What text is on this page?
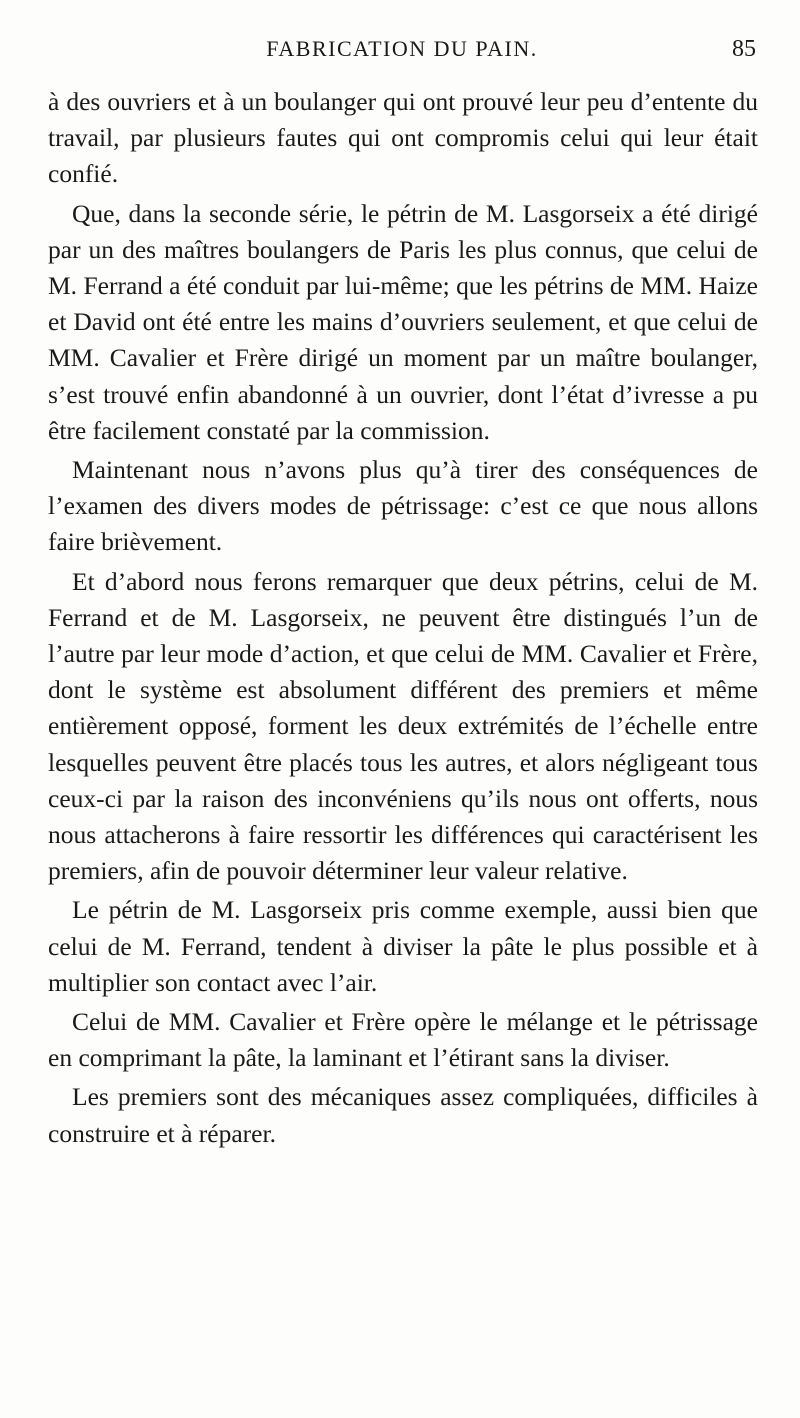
FABRICATION DU PAIN.	85

à des ouvriers et à un boulanger qui ont prouvé leur peu d’entente du travail, par plusieurs fautes qui ont compromis celui qui leur était confié.

Que, dans la seconde série, le pétrin de M. Lasgorseix a été dirigé par un des maîtres boulangers de Paris les plus connus, que celui de M. Ferrand a été conduit par lui-même; que les pétrins de MM. Haize et David ont été entre les mains d’ouvriers seulement, et que celui de MM. Cavalier et Frère dirigé un moment par un maître boulanger, s’est trouvé enfin abandonné à un ouvrier, dont l’état d’ivresse a pu être facilement constaté par la commission.

Maintenant nous n’avons plus qu’à tirer des conséquences de l’examen des divers modes de pétrissage: c’est ce que nous allons faire brièvement.

Et d’abord nous ferons remarquer que deux pétrins, celui de M. Ferrand et de M. Lasgorseix, ne peuvent être distingués l’un de l’autre par leur mode d’action, et que celui de MM. Cavalier et Frère, dont le système est absolument différent des premiers et même entièrement opposé, forment les deux extrémités de l’échelle entre lesquelles peuvent être placés tous les autres, et alors négligeant tous ceux-ci par la raison des inconvéniens qu’ils nous ont offerts, nous nous attacherons à faire ressortir les différences qui caractérisent les premiers, afin de pouvoir déterminer leur valeur relative.

Le pétrin de M. Lasgorseix pris comme exemple, aussi bien que celui de M. Ferrand, tendent à diviser la pâte le plus possible et à multiplier son contact avec l’air.

Celui de MM. Cavalier et Frère opère le mélange et le pétrissage en comprimant la pâte, la laminant et l’étirant sans la diviser.

Les premiers sont des mécaniques assez compliquées, difficiles à construire et à réparer.
